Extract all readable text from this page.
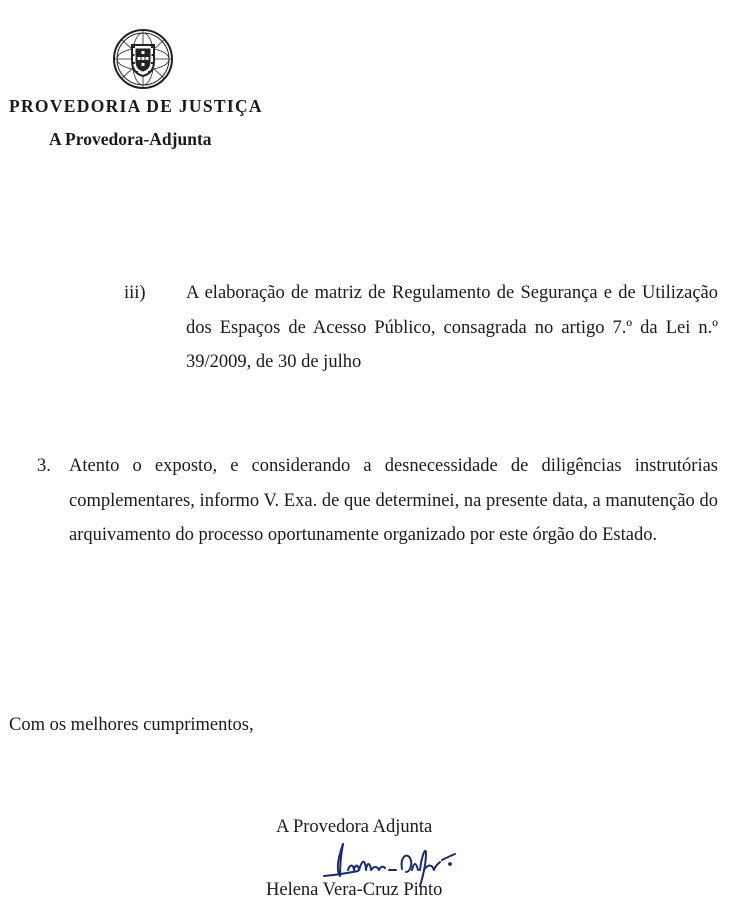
PROVEDORIA DE JUSTIÇA
A Provedora-Adjunta
iii) A elaboração de matriz de Regulamento de Segurança e de Utilização dos Espaços de Acesso Público, consagrada no artigo 7.º da Lei n.º 39/2009, de 30 de julho
3. Atento o exposto, e considerando a desnecessidade de diligências instrutórias complementares, informo V. Exa. de que determinei, na presente data, a manutenção do arquivamento do processo oportunamente organizado por este órgão do Estado.
Com os melhores cumprimentos,
A Provedora Adjunta
Helena Vera-Cruz Pinto
